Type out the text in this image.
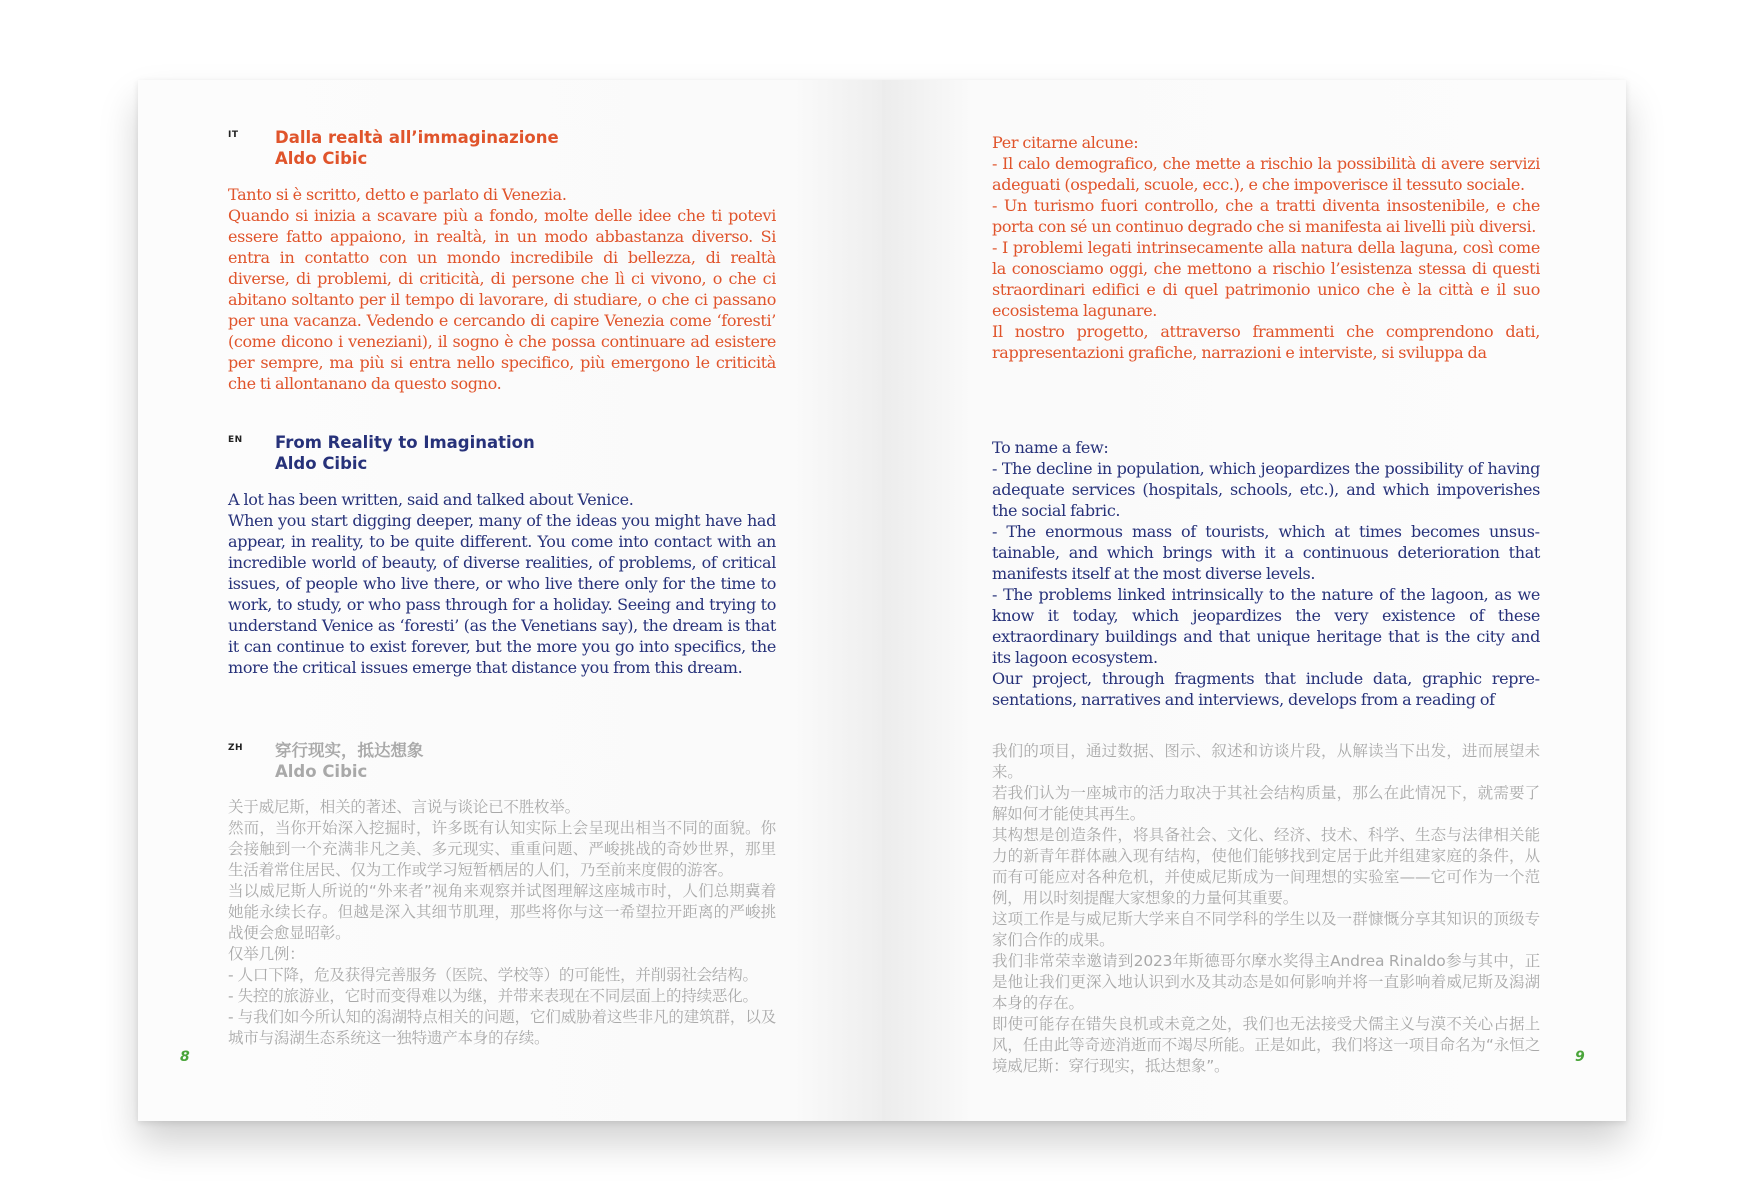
IT Dalla realtà all’immaginazione
Aldo Cibic

Tanto si è scritto, detto e parlato di Venezia.

Quando si inizia a scavare più a fondo, molte delle idee che ti potevi essere fatto appaiono, in realtà, in un modo abbastanza diverso. Si entra in contatto con un mondo incredibile di bellezza, di realtà diverse, di problemi, di criticità, di persone che lì ci vivono, o che ci abitano soltanto per il tempo di lavorare, di studiare, o che ci passano per una vacanza. Vedendo e cercando di capire Venezia come ‘foresti’ (come dicono i veneziani), il sogno è che possa continuare ad esistere per sempre, ma più si entra nello specifico, più emergono le criticità che ti allontanano da questo sogno.

EN From Reality to Imagination
Aldo Cibic

A lot has been written, said and talked about Venice.

When you start digging deeper, many of the ideas you might have had appear, in reality, to be quite different. You come into contact with an incredible world of beauty, of diverse realities, of problems, of critical issues, of people who live there, or who live there only for the time to work, to study, or who pass through for a holiday. Seeing and trying to understand Venice as ‘foresti’ (as the Venetians say), the dream is that it can continue to exist forever, but the more you go into specifics, the more the critical issues emerge that distance you from this dream.

ZH 穿行现实，抵达想象
Aldo Cibic

关于威尼斯，相关的著述、言说与谈论已不胜枚举。

然而，当你开始深入挖掘时，许多既有认知实际上会呈现出相当不同的面貌。你会接触到一个充满非凡之美、多元现实、重重问题、严峻挑战的奇妙世界，那里生活着常住居民、仅为工作或学习短暂栖居的人们，乃至前来度假的游客。

当以威尼斯人所说的“外来者”视角来观察并试图理解这座城市时，人们总期冀着她能永续长存。但越是深入其细节肌理，那些将你与这一希望拉开距离的严峻挑战便会愈显昭彰。

仅举几例：

- 人口下降，危及获得完善服务（医院、学校等）的可能性，并削弱社会结构。

- 失控的旅游业，它时而变得难以为继，并带来表现在不同层面上的持续恶化。

- 与我们如今所认知的潟湖特点相关的问题，它们威胁着这些非凡的建筑群，以及城市与潟湖生态系统这一独特遗产本身的存续。

8

Per citarne alcune:

- Il calo demografico, che mette a rischio la possibilità di avere servizi adeguati (ospedali, scuole, ecc.), e che impoverisce il tessuto sociale.

- Un turismo fuori controllo, che a tratti diventa insostenibile, e che porta con sé un continuo degrado che si manifesta ai livelli più diversi.

- I problemi legati intrinsecamente alla natura della laguna, così come la conosciamo oggi, che mettono a rischio l’esistenza stessa di questi straordinari edifici e di quel patrimonio unico che è la città e il suo ecosistema lagunare.

Il nostro progetto, attraverso frammenti che comprendono dati, rappresentazioni grafiche, narrazioni e interviste, si sviluppa da

To name a few:

- The decline in population, which jeopardizes the possibility of having adequate services (hospitals, schools, etc.), and which impoverishes the social fabric.

- The enormous mass of tourists, which at times becomes unsustainable, and which brings with it a continuous deterioration that manifests itself at the most diverse levels.

- The problems linked intrinsically to the nature of the lagoon, as we know it today, which jeopardizes the very existence of these extraordinary buildings and that unique heritage that is the city and its lagoon ecosystem.

Our project, through fragments that include data, graphic representations, narratives and interviews, develops from a reading of

我们的项目，通过数据、图示、叙述和访谈片段，从解读当下出发，进而展望未来。

若我们认为一座城市的活力取决于其社会结构质量，那么在此情况下，就需要了解如何才能使其再生。

其构想是创造条件，将具备社会、文化、经济、技术、科学、生态与法律相关能力的新青年群体融入现有结构，使他们能够找到定居于此并组建家庭的条件，从而有可能应对各种危机，并使威尼斯成为一间理想的实验室——它可作为一个范例，用以时刻提醒大家想象的力量何其重要。

这项工作是与威尼斯大学来自不同学科的学生以及一群慷慨分享其知识的顶级专家们合作的成果。

我们非常荣幸邀请到2023年斯德哥尔摩水奖得主Andrea Rinaldo参与其中，正是他让我们更深入地认识到水及其动态是如何影响并将一直影响着威尼斯及潟湖本身的存在。

即使可能存在错失良机或未竟之处，我们也无法接受犬儒主义与漠不关心占据上风，任由此等奇迹消逝而不竭尽所能。正是如此，我们将这一项目命名为“永恒之境威尼斯：穿行现实，抵达想象”。	9
